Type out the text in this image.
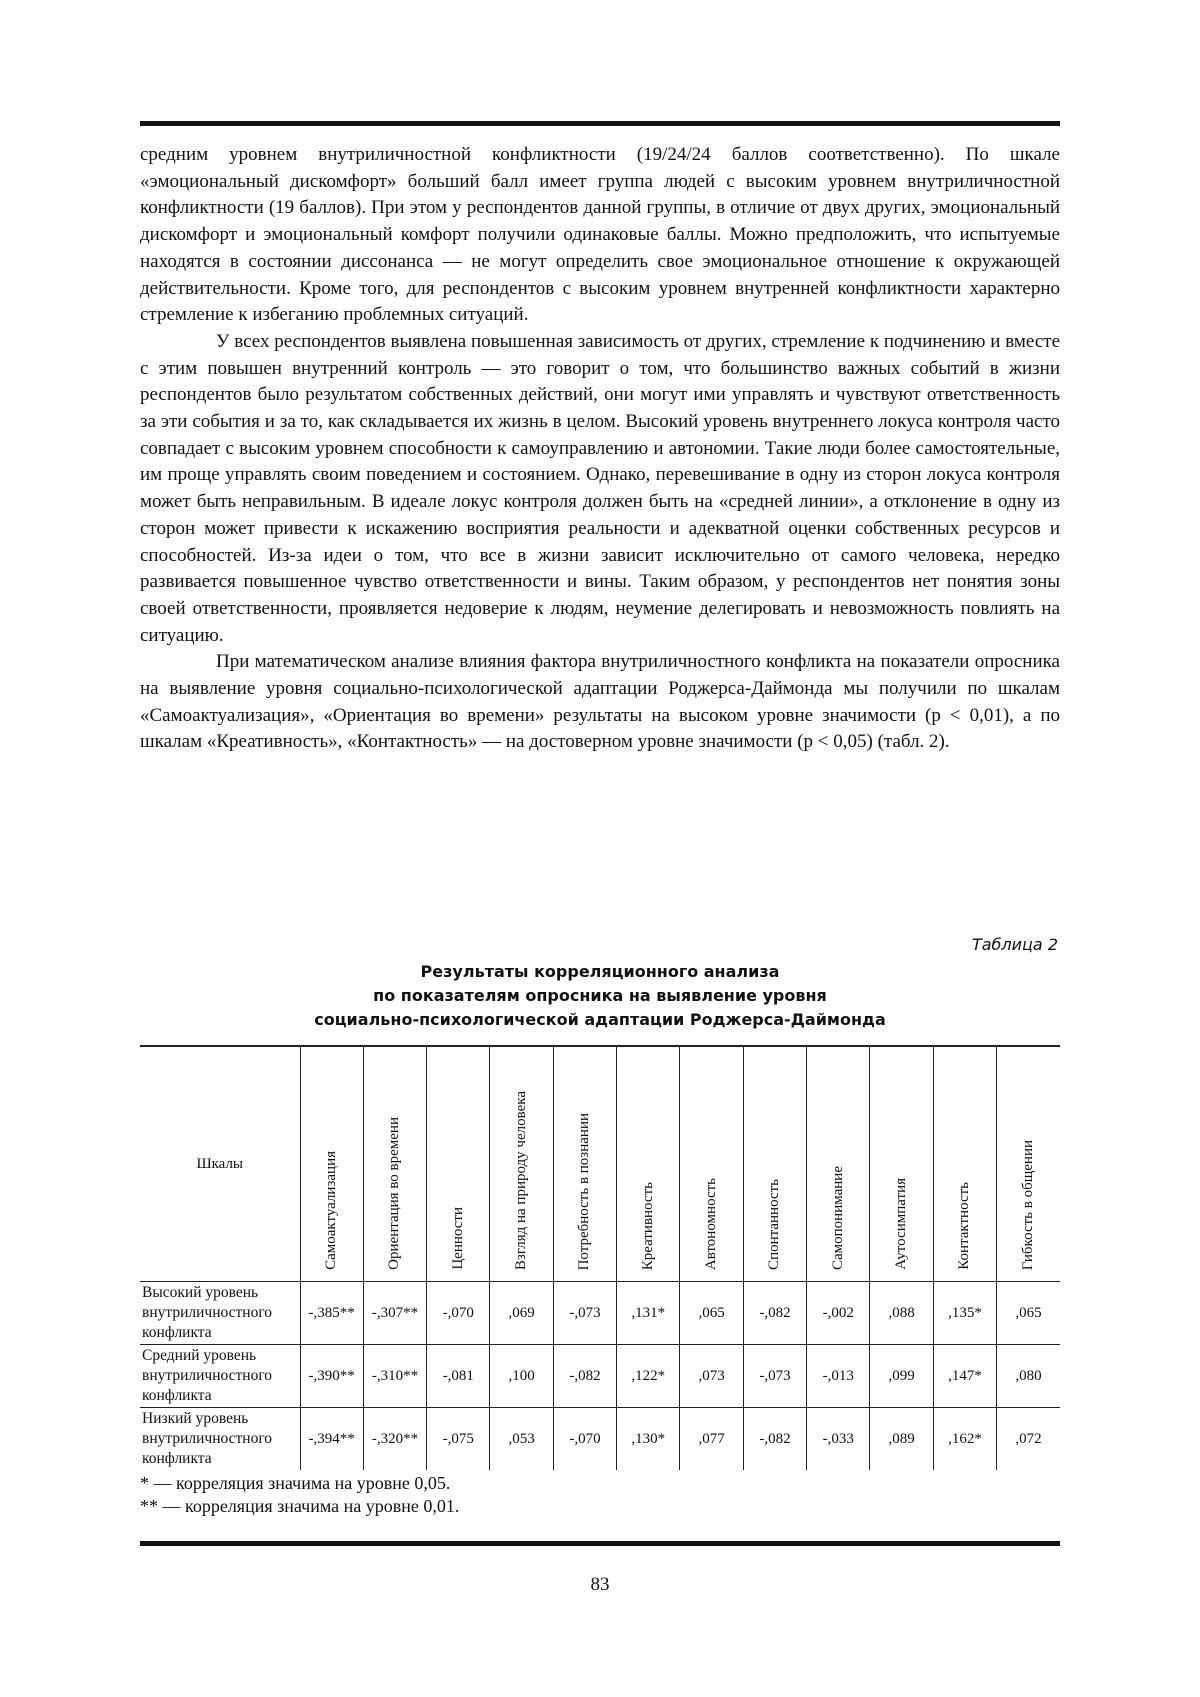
средним уровнем внутриличностной конфликтности (19/24/24 баллов соответственно). По шкале «эмоциональный дискомфорт» больший балл имеет группа людей с высоким уровнем внутриличностной конфликтности (19 баллов). При этом у респондентов данной группы, в отличие от двух других, эмоциональный дискомфорт и эмоциональный комфорт получили одинаковые баллы. Можно предположить, что испытуемые находятся в состоянии диссонанса — не могут определить свое эмоциональное отношение к окружающей действительности. Кроме того, для респондентов с высоким уровнем внутренней конфликтности характерно стремление к избеганию проблемных ситуаций.

У всех респондентов выявлена повышенная зависимость от других, стремление к подчинению и вместе с этим повышен внутренний контроль — это говорит о том, что большинство важных событий в жизни респондентов было результатом собственных действий, они могут ими управлять и чувствуют ответственность за эти события и за то, как складывается их жизнь в целом. Высокий уровень внутреннего локуса контроля часто совпадает с высоким уровнем способности к самоуправлению и автономии. Такие люди более самостоятельные, им проще управлять своим поведением и состоянием. Однако, перевешивание в одну из сторон локуса контроля может быть неправильным. В идеале локус контроля должен быть на «средней линии», а отклонение в одну из сторон может привести к искажению восприятия реальности и адекватной оценки собственных ресурсов и способностей. Из-за идеи о том, что все в жизни зависит исключительно от самого человека, нередко развивается повышенное чувство ответственности и вины. Таким образом, у респондентов нет понятия зоны своей ответственности, проявляется недоверие к людям, неумение делегировать и невозможность повлиять на ситуацию.

При математическом анализе влияния фактора внутриличностного конфликта на показатели опросника на выявление уровня социально-психологической адаптации Роджерса-Даймонда мы получили по шкалам «Самоактуализация», «Ориентация во времени» результаты на высоком уровне значимости (p < 0,01), а по шкалам «Креативность», «Контактность» — на достоверном уровне значимости (p < 0,05) (табл. 2).

Таблица 2
Результаты корреляционного анализа
по показателям опросника на выявление уровня
социально-психологической адаптации Роджерса-Даймонда
Шкалы	Самоактуализация	Ориентация во времени	Ценности	Взгляд на природу человека	Потребность в познании	Креативность	Автономность	Спонтанность	Самопонимание	Аутосимпатия	Контактность	Гибкость в общении
Высокий уровень внутриличностного конфликта	-,385**	-,307**	-,070	,069	-,073	,131*	,065	-,082	-,002	,088	,135*	,065
Средний уровень внутриличностного конфликта	-,390**	-,310**	-,081	,100	-,082	,122*	,073	-,073	-,013	,099	,147*	,080
Низкий уровень внутриличностного конфликта	-,394**	-,320**	-,075	,053	-,070	,130*	,077	-,082	-,033	,089	,162*	,072
* — корреляция значима на уровне 0,05.
** — корреляция значима на уровне 0,01.
83
